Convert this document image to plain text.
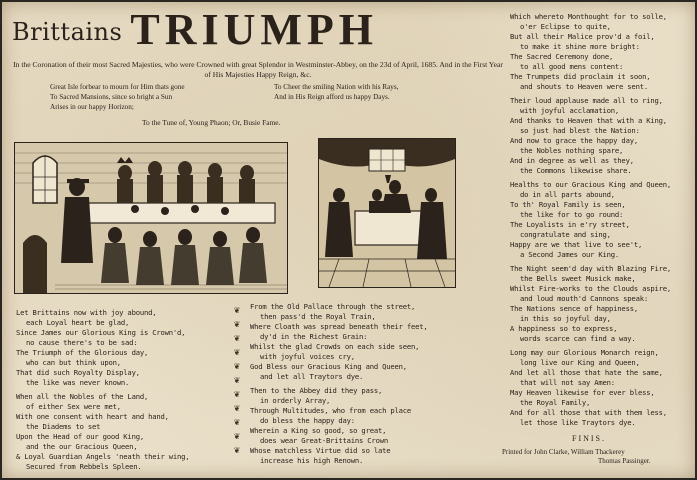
Brittains TRIUMPH
In the Coronation of their most Sacred Majesties, who were Crowned with great Splendor in Westminster-Abbey, on the 23d of April, 1685. And in the First Year of His Majesties Happy Reign, &c.
Great Isle forbear to mourn for Him thats gone
To Sacred Mansions, since so bright a Sun
Arises in our happy Horizon;
To Cheer the smiling Nation with his Rays,
And in His Reign afford us happy Days.
To the Tune of, Young Phaon; Or, Busie Fame.
Let Brittains now with joy abound,
each Loyal heart be glad,
Since James our Glorious King is Crown'd,
no cause there's to be sad:
The Triumph of the Glorious day,
who can but think upon,
That did such Royalty Display,
the like was never known.
When all the Nobles of the Land,
of either Sex were met,
With one consent with heart and hand,
the Diadems to set
Upon the Head of our good King,
and the our Gracious Queen,
& Loyal Guardian Angels 'neath their wing,
Secured from Rebbels Spleen.
❦
❦
❦
❦
❦
❦
❦
❦
❦
❦
❦
From the Old Pallace through the street,
then pass'd the Royal Train,
Where Cloath was spread beneath their feet,
dy'd in the Richest Grain:
Whilst the glad Crowds on each side seen,
with joyful voices cry,
God Bless our Gracious King and Queen,
and let all Traytors dye.
Then to the Abbey did they pass,
in orderly Array,
Through Multitudes, who from each place
do bless the happy day:
Wherein a King so good, so great,
does wear Great-Brittains Crown
Whose matchless Virtue did so late
increase his high Renown.
Which whereto Monthought for to solle,
o'er Eclipse to quite,
But all their Malice prov'd a foil,
to make it shine more bright:
The Sacred Ceremony done,
to all good mens content:
The Trumpets did proclaim it soon,
and shouts to Heaven were sent.
Their loud applause made all to ring,
with joyful acclamation,
And thanks to Heaven that with a King,
so just had blest the Nation:
And now to grace the happy day,
the Nobles nothing spare,
And in degree as well as they,
the Commons likewise share.
Healths to our Gracious King and Queen,
do in all parts abound,
To th' Royal Family is seen,
the like for to go round:
The Loyalists in e'ry street,
congratulate and sing,
Happy are we that live to see't,
a Second James our King.
The Night seem'd day with Blazing Fire,
the Bells sweet Musick make,
Whilst Fire-works to the Clouds aspire,
and loud mouth'd Cannons speak:
The Nations sence of happiness,
in this so joyful day,
A happiness so to express,
words scarce can find a way.
Long may our Glorious Monarch reign,
long live our King and Queen,
And let all those that hate the same,
that will not say Amen:
May Heaven likewise for ever bless,
the Royal Family,
And for all those that with them less,
let those like Traytors dye.
FINIS.
Printed for John Clarke, William Thackerey
Thomas Passinger.
